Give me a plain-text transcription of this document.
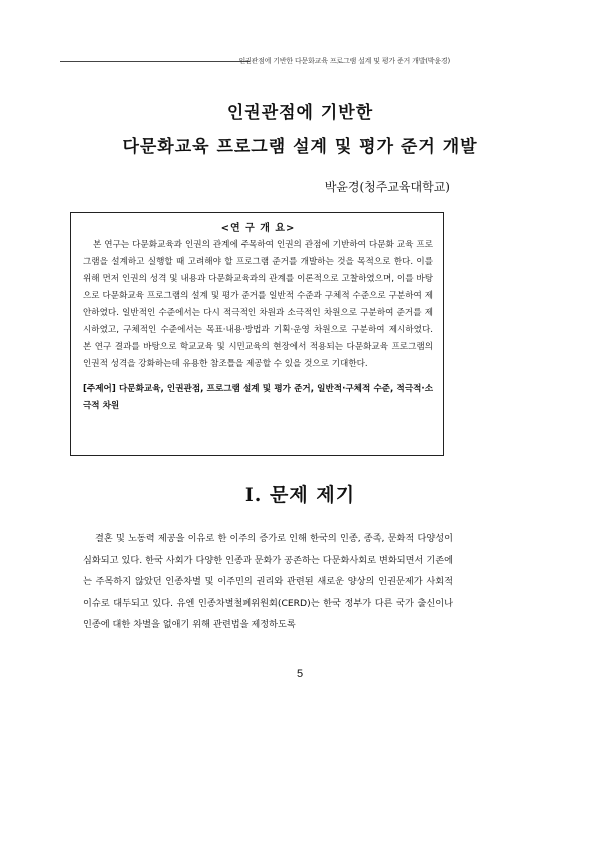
인권관점에 기반한 다문화교육 프로그램 설계 및 평가 준거 개발(박윤경)
인권관점에 기반한
다문화교육 프로그램 설계 및 평가 준거 개발
박윤경(청주교육대학교)
<연 구 개 요>

본 연구는 다문화교육과 인권의 관계에 주목하여 인권의 관점에 기반하여 다문화 교육 프로그램을 설계하고 실행할 때 고려해야 할 프로그램 준거를 개발하는 것을 목적으로 한다. 이를 위해 먼저 인권의 성격 및 내용과 다문화교육과의 관계를 이론적으로 고찰하였으며, 이를 바탕으로 다문화교육 프로그램의 설계 및 평가 준거를 일반적 수준과 구체적 수준으로 구분하여 제안하였다. 일반적인 수준에서는 다시 적극적인 차원과 소극적인 차원으로 구분하여 준거를 제시하였고, 구체적인 수준에서는 목표·내용·방법과 기획·운영 차원으로 구분하여 제시하였다. 본 연구 결과를 바탕으로 학교교육 및 시민교육의 현장에서 적용되는 다문화교육 프로그램의 인권적 성격을 강화하는데 유용한 참조틀을 제공할 수 있을 것으로 기대한다.

[주제어] 다문화교육, 인권관점, 프로그램 설계 및 평가 준거, 일반적·구체적 수준, 적극적·소극적 차원

I. 문제 제기

결혼 및 노동력 제공을 이유로 한 이주의 증가로 인해 한국의 인종, 종족, 문화적 다양성이 심화되고 있다. 한국 사회가 다양한 인종과 문화가 공존하는 다문화사회로 변화되면서 기존에는 주목하지 않았던 인종차별 및 이주민의 권리와 관련된 새로운 양상의 인권문제가 사회적 이슈로 대두되고 있다. 유엔 인종차별철폐위원회(CERD)는 한국 정부가 다른 국가 출신이나 인종에 대한 차별을 없애기 위해 관련법을 제정하도록

5
